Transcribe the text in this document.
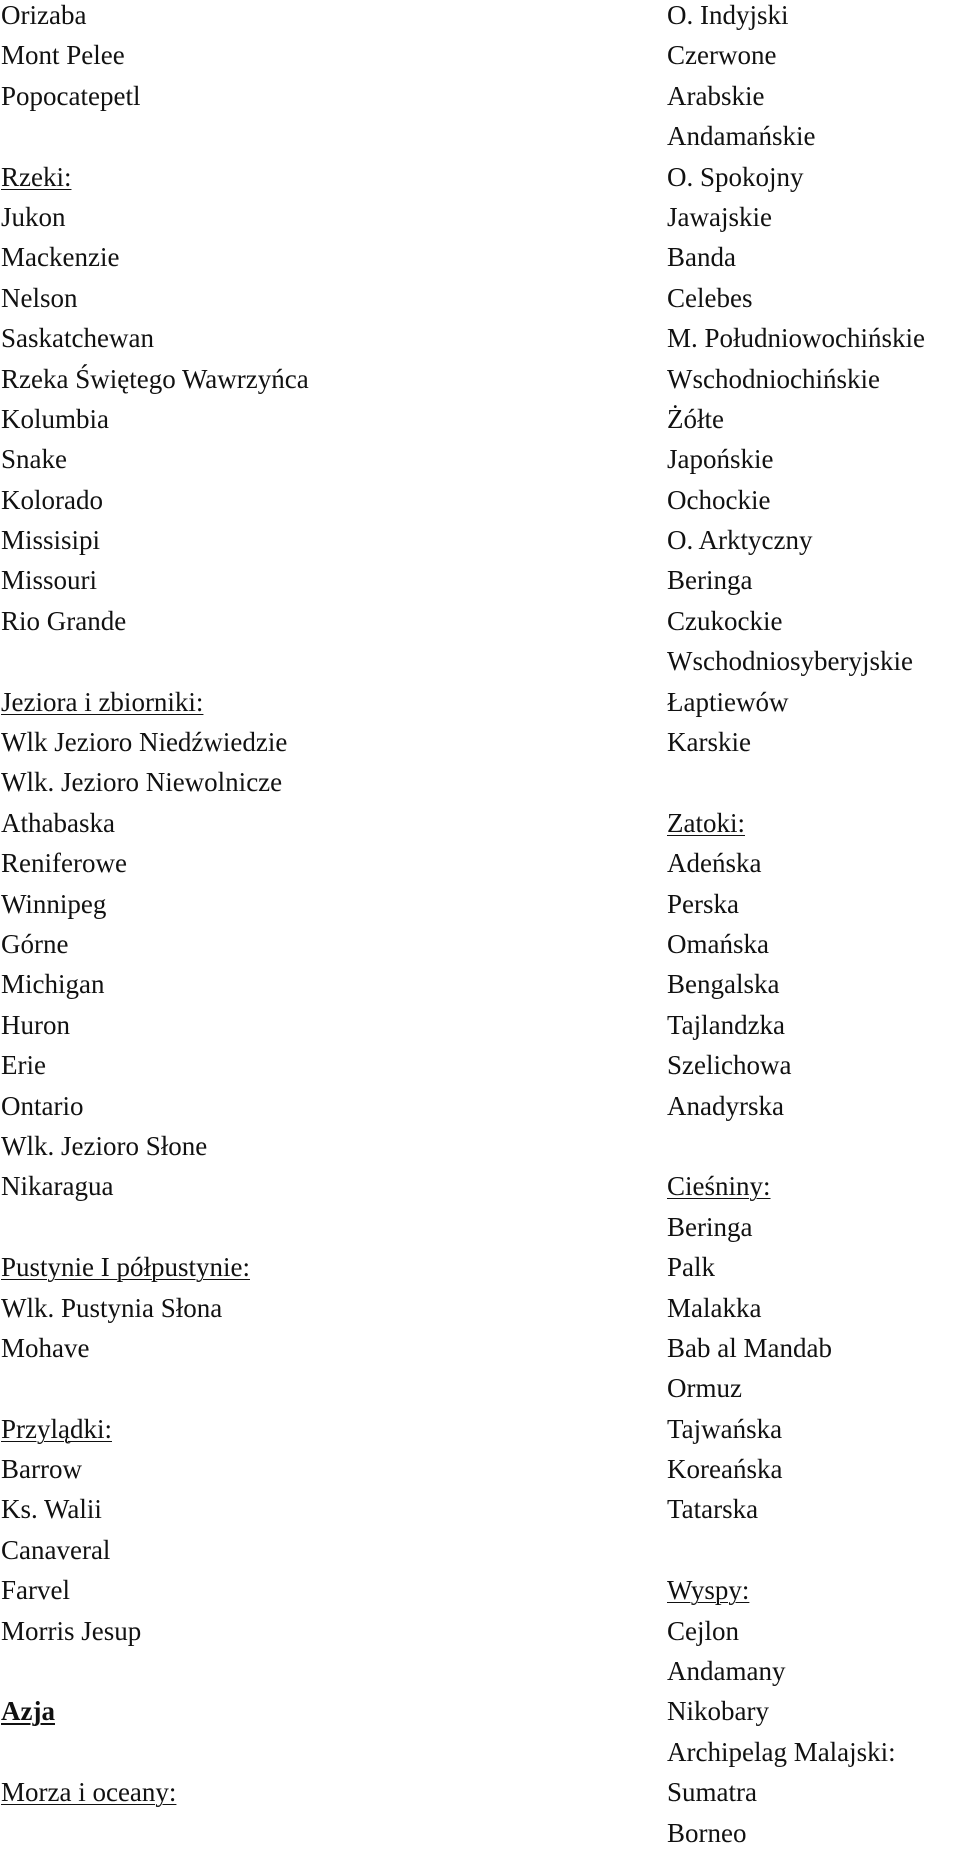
Orizaba
Mont Pelee
Popocatepetl
Rzeki:
Jukon
Mackenzie
Nelson
Saskatchewan
Rzeka Świętego Wawrzyńca
Kolumbia
Snake
Kolorado
Missisipi
Missouri
Rio Grande
Jeziora i zbiorniki:
Wlk Jezioro Niedźwiedzie
Wlk. Jezioro Niewolnicze
Athabaska
Reniferowe
Winnipeg
Górne
Michigan
Huron
Erie
Ontario
Wlk. Jezioro Słone
Nikaragua
Pustynie I półpustynie:
Wlk. Pustynia Słona
Mohave
Przylądki:
Barrow
Ks. Walii
Canaveral
Farvel
Morris Jesup
Azja
Morza i oceany:
O. Indyjski
Czerwone
Arabskie
Andamańskie
O. Spokojny
Jawajskie
Banda
Celebes
M. Południowochińskie
Wschodniochińskie
Żółte
Japońskie
Ochockie
O. Arktyczny
Beringa
Czukockie
Wschodniosyberyjskie
Łaptiewów
Karskie
Zatoki:
Adeńska
Perska
Omańska
Bengalska
Tajlandzka
Szelichowa
Anadyrska
Cieśniny:
Beringa
Palk
Malakka
Bab al Mandab
Ormuz
Tajwańska
Koreańska
Tatarska
Wyspy:
Cejlon
Andamany
Nikobary
Archipelag Malajski:
Sumatra
Borneo
